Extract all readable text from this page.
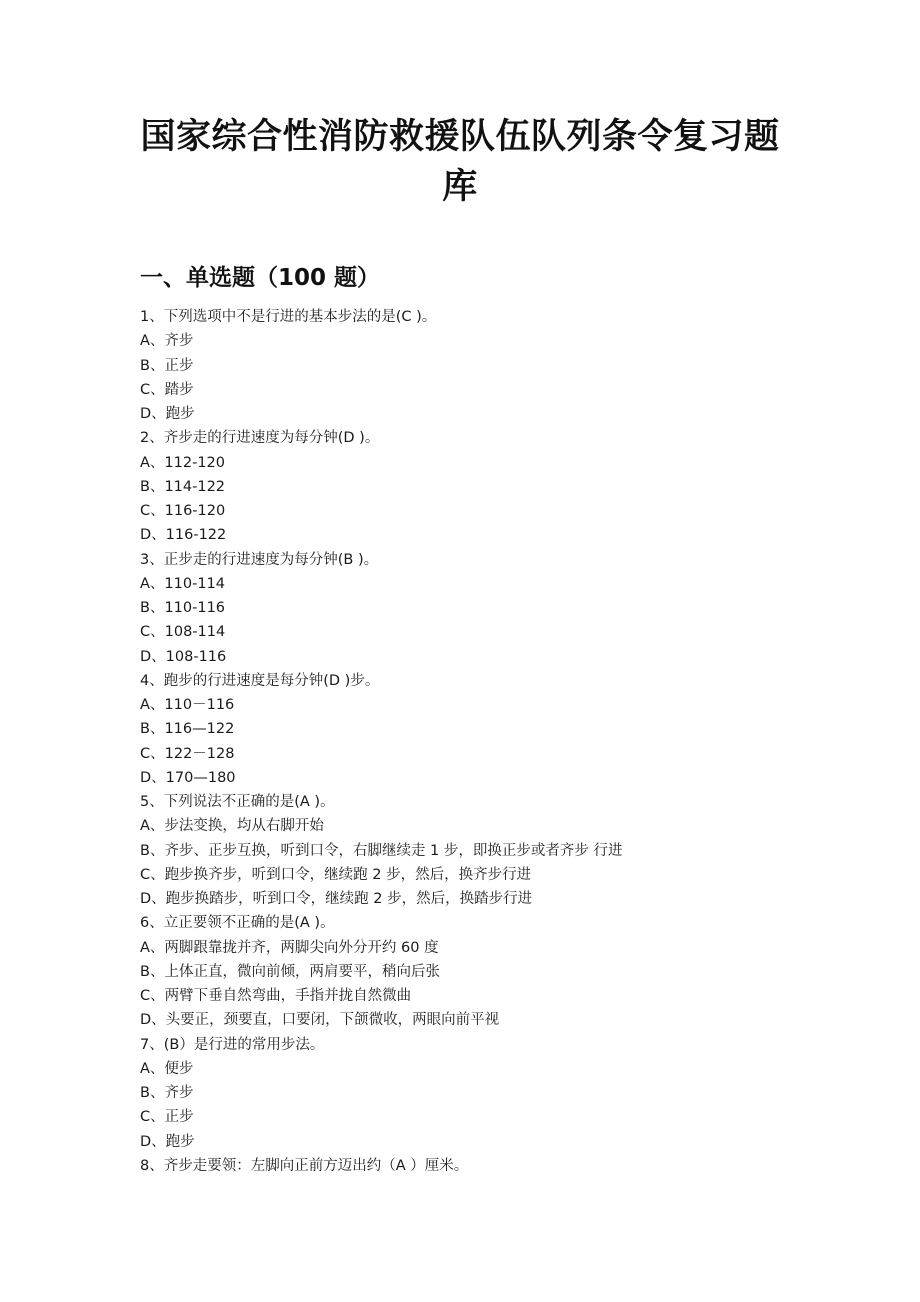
国家综合性消防救援队伍队列条令复习题
库
一、单选题（100 题）
1、下列选项中不是行进的基本步法的是(C )。
A、齐步
B、正步
C、踏步
D、跑步
2、齐步走的行进速度为每分钟(D )。
A、112-120
B、114-122
C、116-120
D、116-122
3、正步走的行进速度为每分钟(B )。
A、110-114
B、110-116
C、108-114
D、108-116
4、跑步的行进速度是每分钟(D )步。
A、110－116
B、116—122
C、122－128
D、170—180
5、下列说法不正确的是(A )。
A、步法变换，均从右脚开始
B、齐步、正步互换，听到口令，右脚继续走 1 步，即换正步或者齐步 行进
C、跑步换齐步，听到口令，继续跑 2 步，然后，换齐步行进
D、跑步换踏步，听到口令，继续跑 2 步，然后，换踏步行进
6、立正要领不正确的是(A )。
A、两脚跟靠拢并齐，两脚尖向外分开约 60 度
B、上体正直，微向前倾，两肩要平，稍向后张
C、两臂下垂自然弯曲，手指并拢自然微曲
D、头要正，颈要直，口要闭，下颌微收，两眼向前平视
7、(B）是行进的常用步法。
A、便步
B、齐步
C、正步
D、跑步
8、齐步走要领：左脚向正前方迈出约（A ）厘米。
